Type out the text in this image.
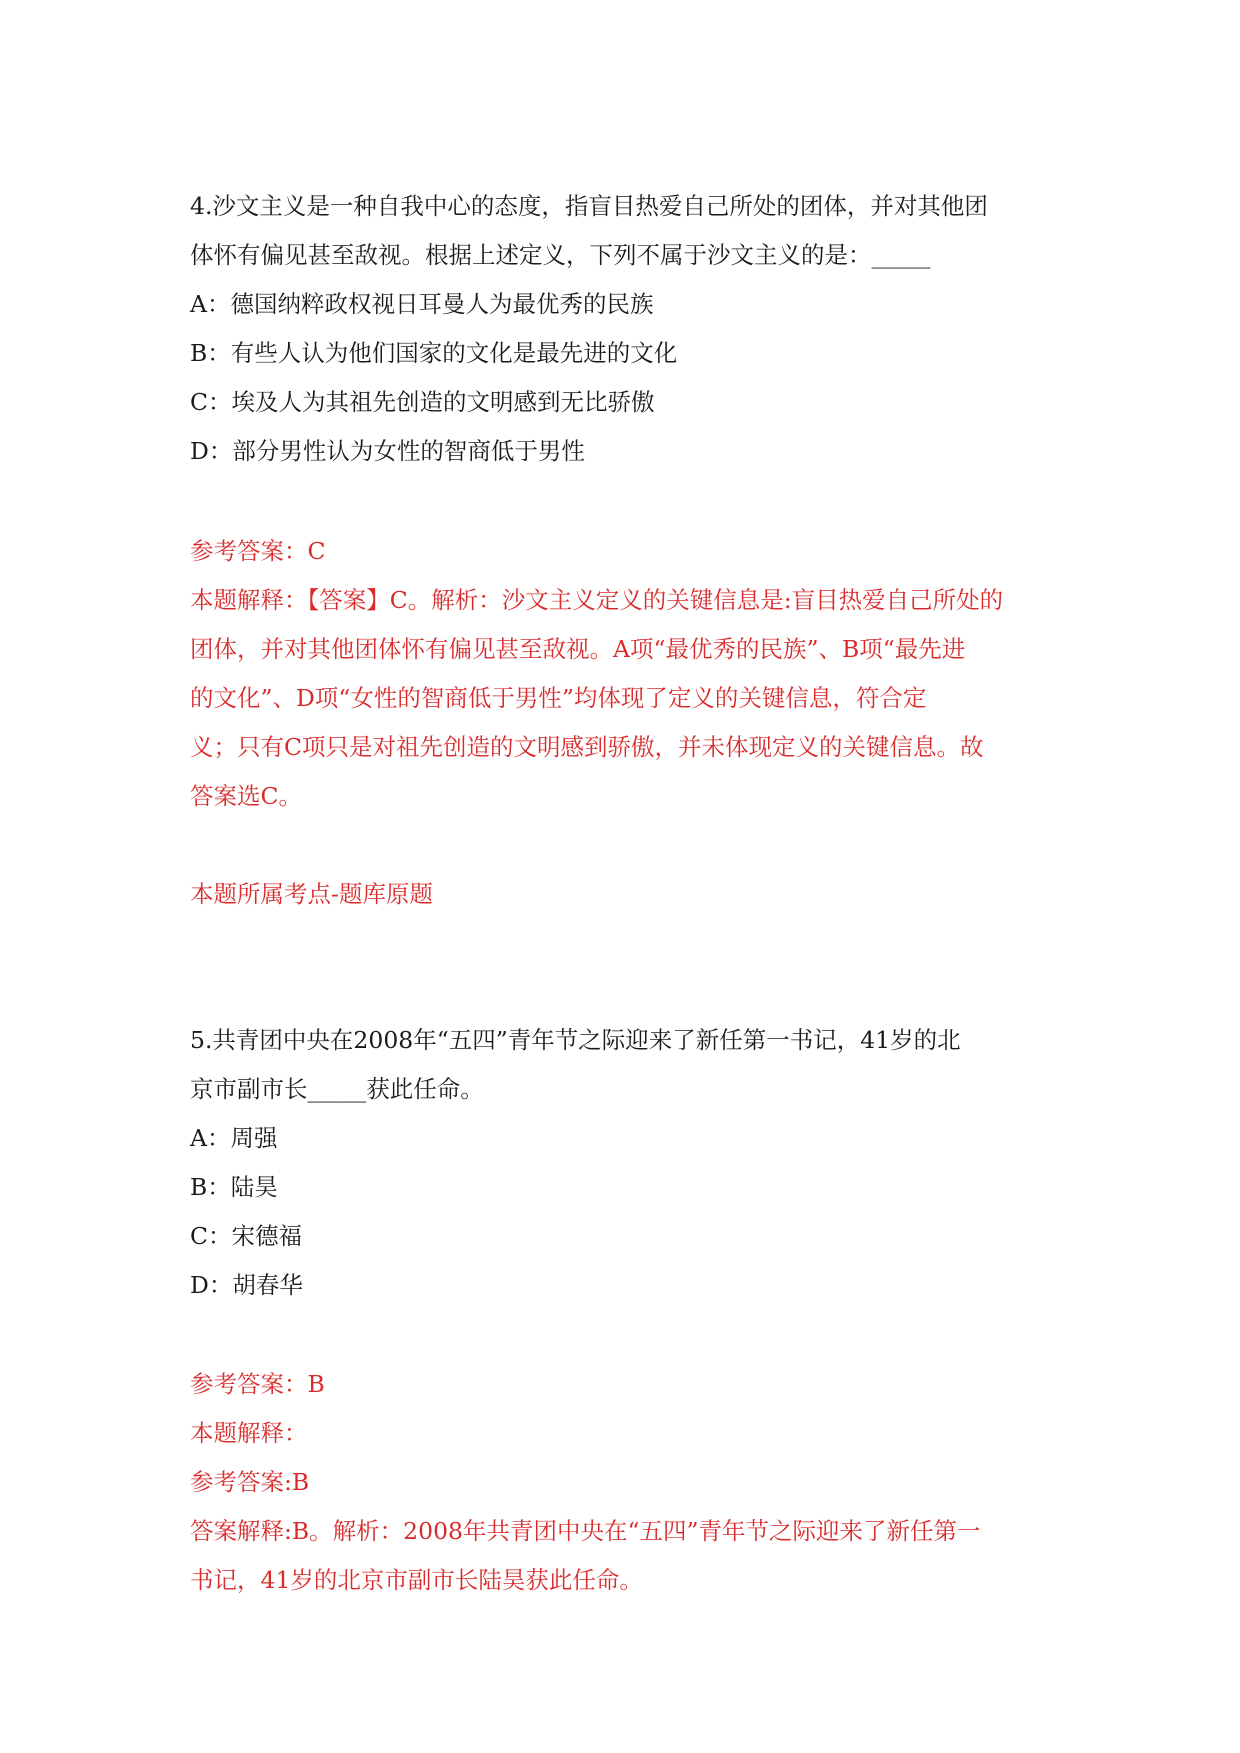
4.沙文主义是一种自我中心的态度，指盲目热爱自己所处的团体，并对其他团
体怀有偏见甚至敌视。根据上述定义，下列不属于沙文主义的是：_____
A：德国纳粹政权视日耳曼人为最优秀的民族
B：有些人认为他们国家的文化是最先进的文化
C：埃及人为其祖先创造的文明感到无比骄傲
D：部分男性认为女性的智商低于男性
参考答案：C
本题解释：【答案】C。解析：沙文主义定义的关键信息是:盲目热爱自己所处的
团体，并对其他团体怀有偏见甚至敌视。A项“最优秀的民族”、B项“最先进
的文化”、D项“女性的智商低于男性”均体现了定义的关键信息，符合定
义；只有C项只是对祖先创造的文明感到骄傲，并未体现定义的关键信息。故
答案选C。
本题所属考点-题库原题
5.共青团中央在2008年“五四”青年节之际迎来了新任第一书记，41岁的北
京市副市长_____获此任命。
A：周强
B：陆昊
C：宋德福
D：胡春华
参考答案：B
本题解释：
参考答案:B
答案解释:B。解析：2008年共青团中央在“五四”青年节之际迎来了新任第一
书记，41岁的北京市副市长陆昊获此任命。
